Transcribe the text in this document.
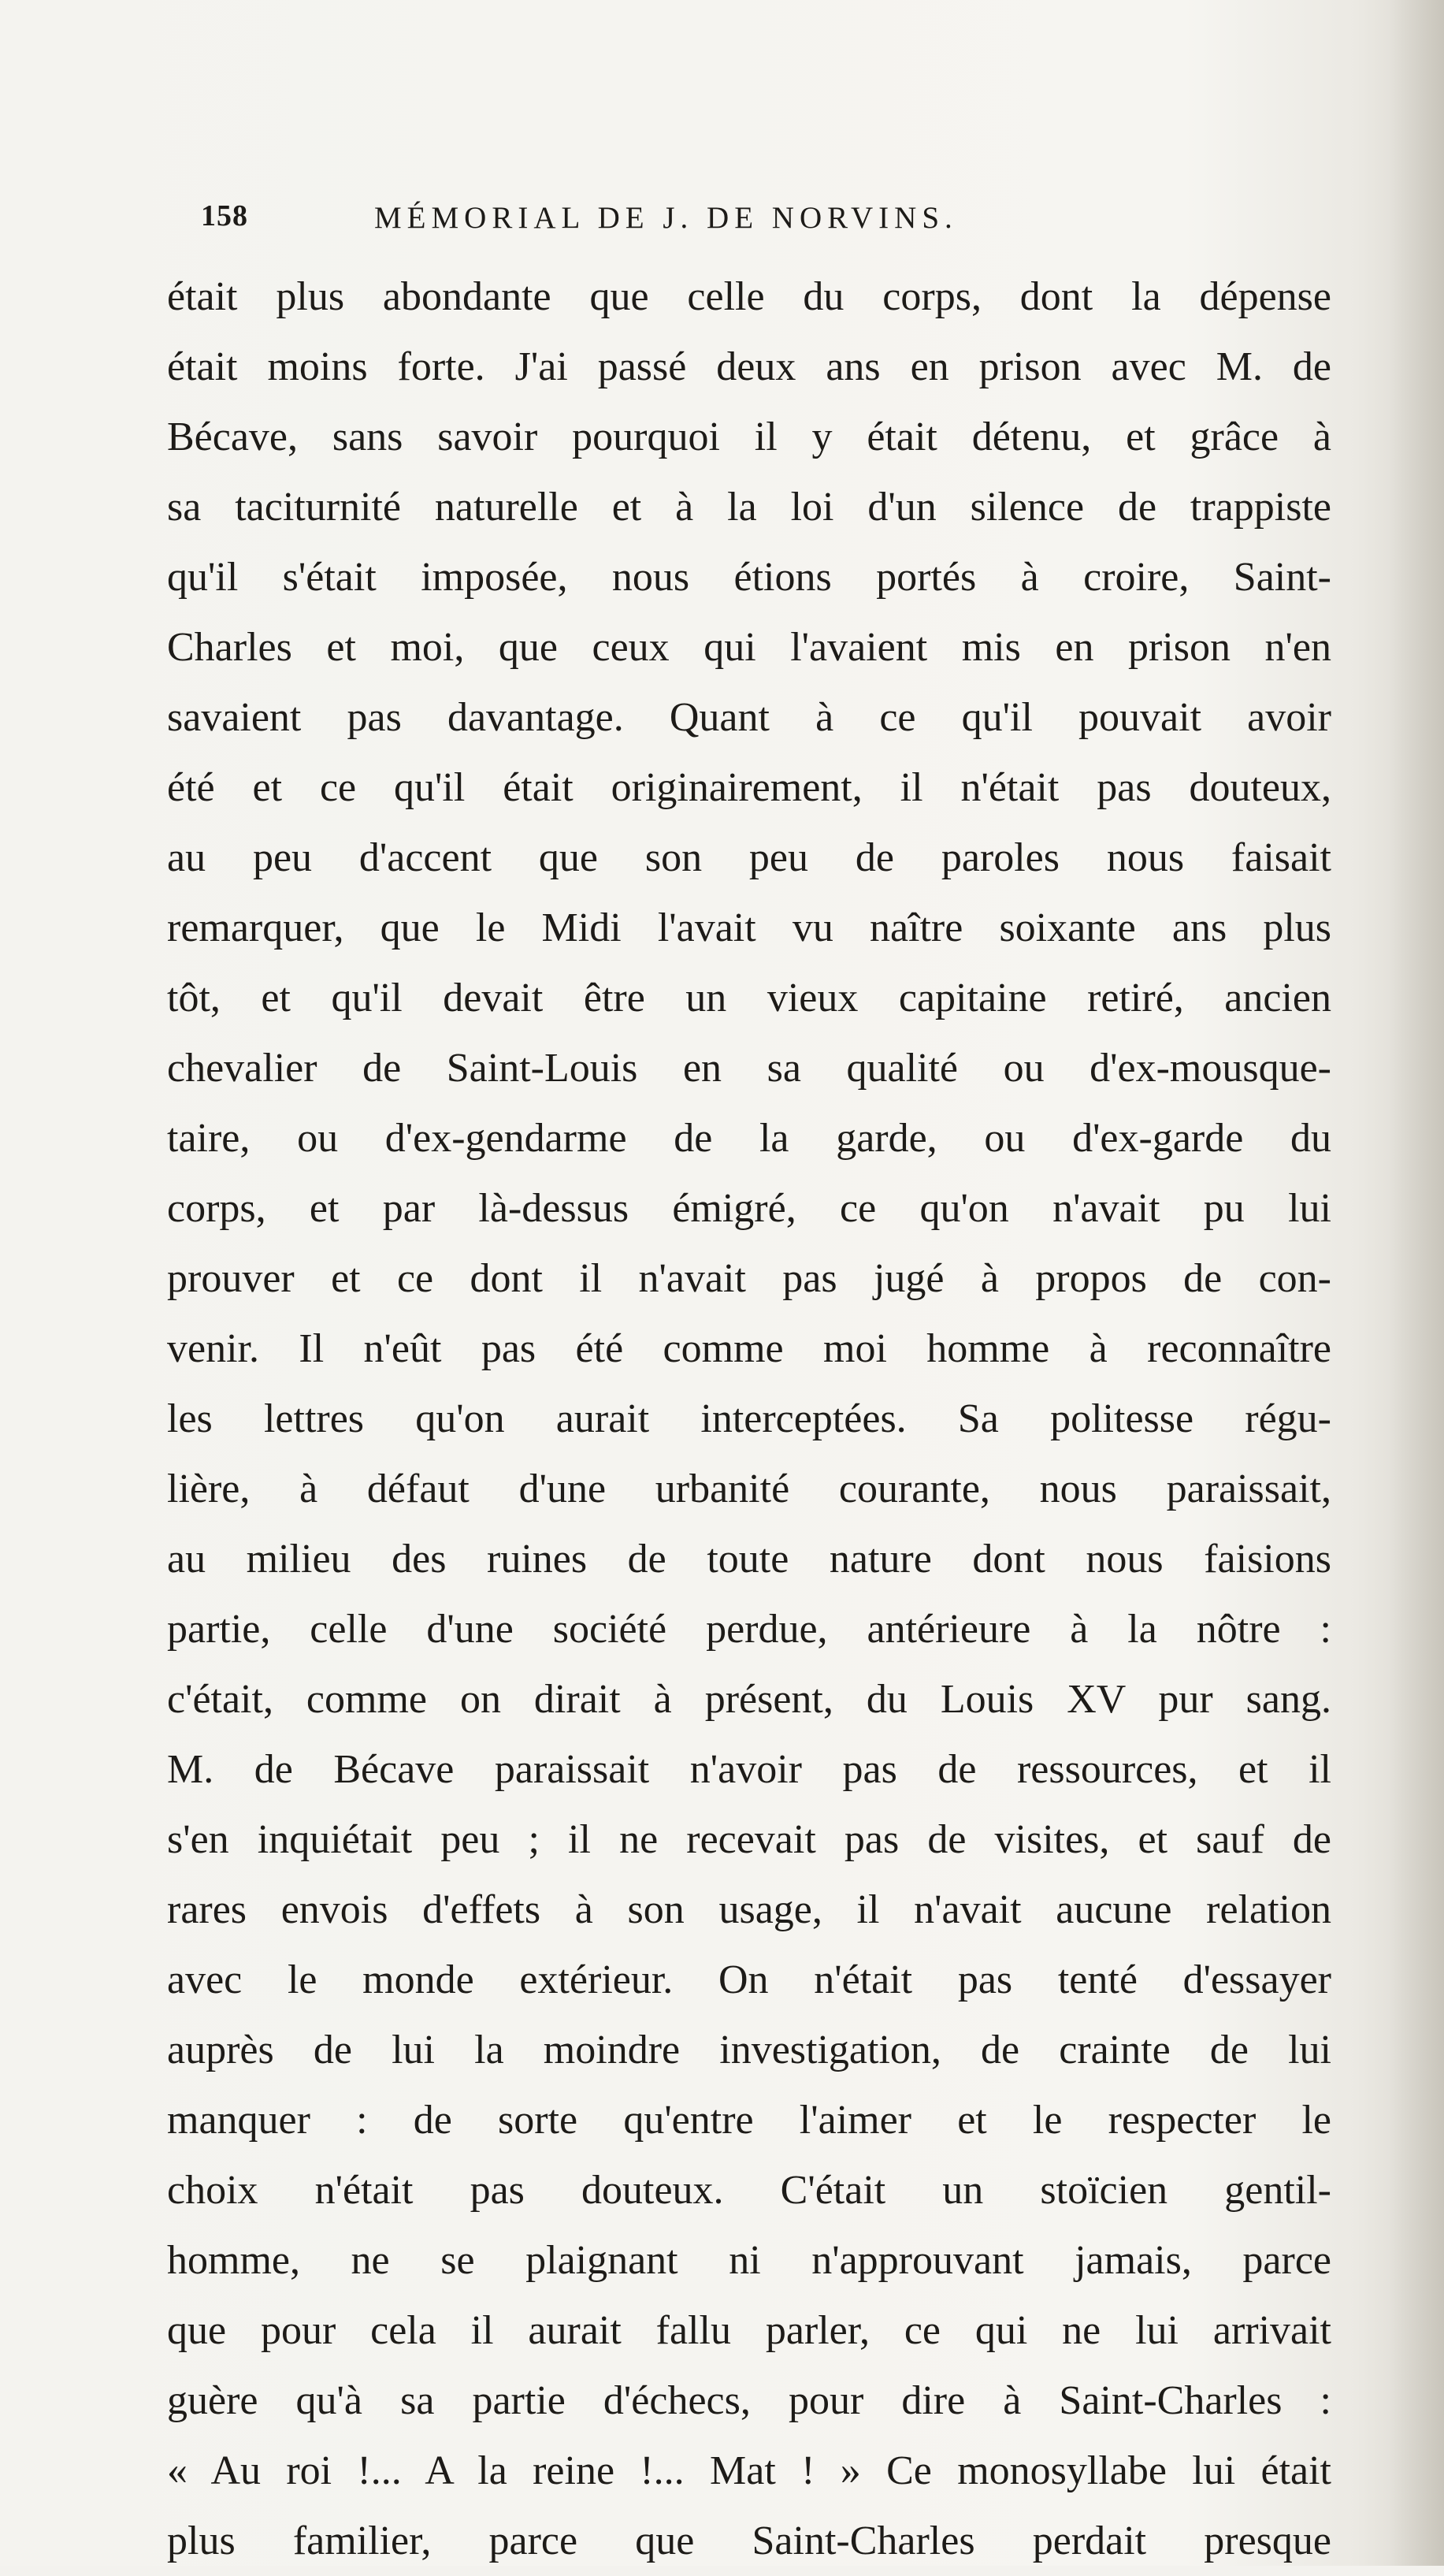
158	MÉMORIAL DE J. DE NORVINS.
était plus abondante que celle du corps, dont la dépense
était moins forte. J'ai passé deux ans en prison avec M. de
Bécave, sans savoir pourquoi il y était détenu, et grâce à
sa taciturnité naturelle et à la loi d'un silence de trappiste
qu'il s'était imposée, nous étions portés à croire, Saint-
Charles et moi, que ceux qui l'avaient mis en prison n'en
savaient pas davantage. Quant à ce qu'il pouvait avoir
été et ce qu'il était originairement, il n'était pas douteux,
au peu d'accent que son peu de paroles nous faisait
remarquer, que le Midi l'avait vu naître soixante ans plus
tôt, et qu'il devait être un vieux capitaine retiré, ancien
chevalier de Saint-Louis en sa qualité ou d'ex-mousque-
taire, ou d'ex-gendarme de la garde, ou d'ex-garde du
corps, et par là-dessus émigré, ce qu'on n'avait pu lui
prouver et ce dont il n'avait pas jugé à propos de con-
venir. Il n'eût pas été comme moi homme à reconnaître
les lettres qu'on aurait interceptées. Sa politesse régu-
lière, à défaut d'une urbanité courante, nous paraissait,
au milieu des ruines de toute nature dont nous faisions
partie, celle d'une société perdue, antérieure à la nôtre :
c'était, comme on dirait à présent, du Louis XV pur sang.
M. de Bécave paraissait n'avoir pas de ressources, et il
s'en inquiétait peu ; il ne recevait pas de visites, et sauf de
rares envois d'effets à son usage, il n'avait aucune relation
avec le monde extérieur. On n'était pas tenté d'essayer
auprès de lui la moindre investigation, de crainte de lui
manquer : de sorte qu'entre l'aimer et le respecter le
choix n'était pas douteux. C'était un stoïcien gentil-
homme, ne se plaignant ni n'approuvant jamais, parce
que pour cela il aurait fallu parler, ce qui ne lui arrivait
guère qu'à sa partie d'échecs, pour dire à Saint-Charles :
« Au roi !... A la reine !... Mat ! » Ce monosyllabe lui était
plus familier, parce que Saint-Charles perdait presque
